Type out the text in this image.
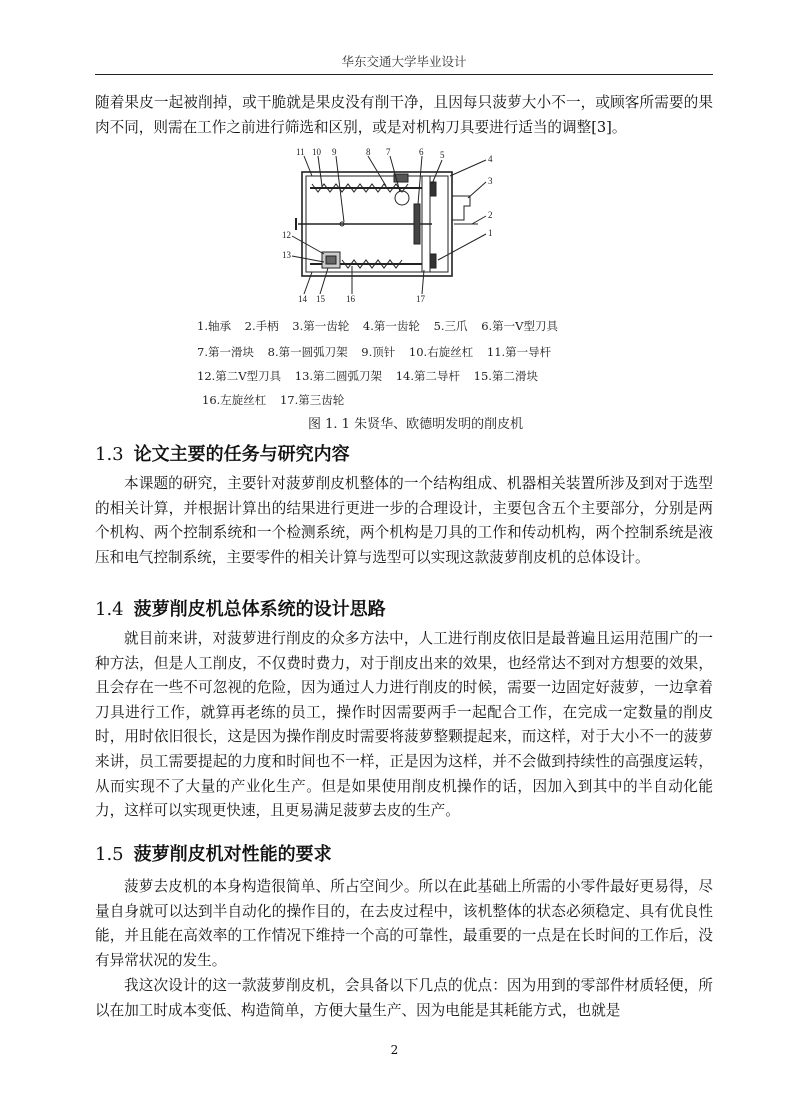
华东交通大学毕业设计

随着果皮一起被削掉，或干脆就是果皮没有削干净，且因每只菠萝大小不一，或顾客所需要的果肉不同，则需在工作之前进行筛选和区别，或是对机构刀具要进行适当的调整[3]。

11 10 9	8 7	6 5	4
3
2
1
12
13
14 15 16	17
1.轴承 2.手柄 3.第一齿轮 4.第一齿轮 5.三爪 6.第一V型刀具
7.第一滑块 8.第一圆弧刀架 9.顶针 10.右旋丝杠 11.第一导杆
12.第二V型刀具 13.第二圆弧刀架 14.第二导杆 15.第二滑块
16.左旋丝杠 17.第三齿轮
图 1. 1 朱贤华、欧德明发明的削皮机
1.3 论文主要的任务与研究内容

本课题的研究，主要针对菠萝削皮机整体的一个结构组成、机器相关装置所涉及到对于选型的相关计算，并根据计算出的结果进行更进一步的合理设计，主要包含五个主要部分，分别是两个机构、两个控制系统和一个检测系统，两个机构是刀具的工作和传动机构，两个控制系统是液压和电气控制系统，主要零件的相关计算与选型可以实现这款菠萝削皮机的总体设计。

1.4 菠萝削皮机总体系统的设计思路

就目前来讲，对菠萝进行削皮的众多方法中，人工进行削皮依旧是最普遍且运用范围广的一种方法，但是人工削皮，不仅费时费力，对于削皮出来的效果，也经常达不到对方想要的效果，且会存在一些不可忽视的危险，因为通过人力进行削皮的时候，需要一边固定好菠萝，一边拿着刀具进行工作，就算再老练的员工，操作时因需要两手一起配合工作，在完成一定数量的削皮时，用时依旧很长，这是因为操作削皮时需要将菠萝整颗提起来，而这样，对于大小不一的菠萝来讲，员工需要提起的力度和时间也不一样，正是因为这样，并不会做到持续性的高强度运转，从而实现不了大量的产业化生产。但是如果使用削皮机操作的话，因加入到其中的半自动化能力，这样可以实现更快速，且更易满足菠萝去皮的生产。

1.5 菠萝削皮机对性能的要求

菠萝去皮机的本身构造很简单、所占空间少。所以在此基础上所需的小零件最好更易得，尽量自身就可以达到半自动化的操作目的，在去皮过程中，该机整体的状态必须稳定、具有优良性能，并且能在高效率的工作情况下维持一个高的可靠性，最重要的一点是在长时间的工作后，没有异常状况的发生。

我这次设计的这一款菠萝削皮机，会具备以下几点的优点：因为用到的零部件材质轻便，所以在加工时成本变低、构造简单，方便大量生产、因为电能是其耗能方式，也就是

2
